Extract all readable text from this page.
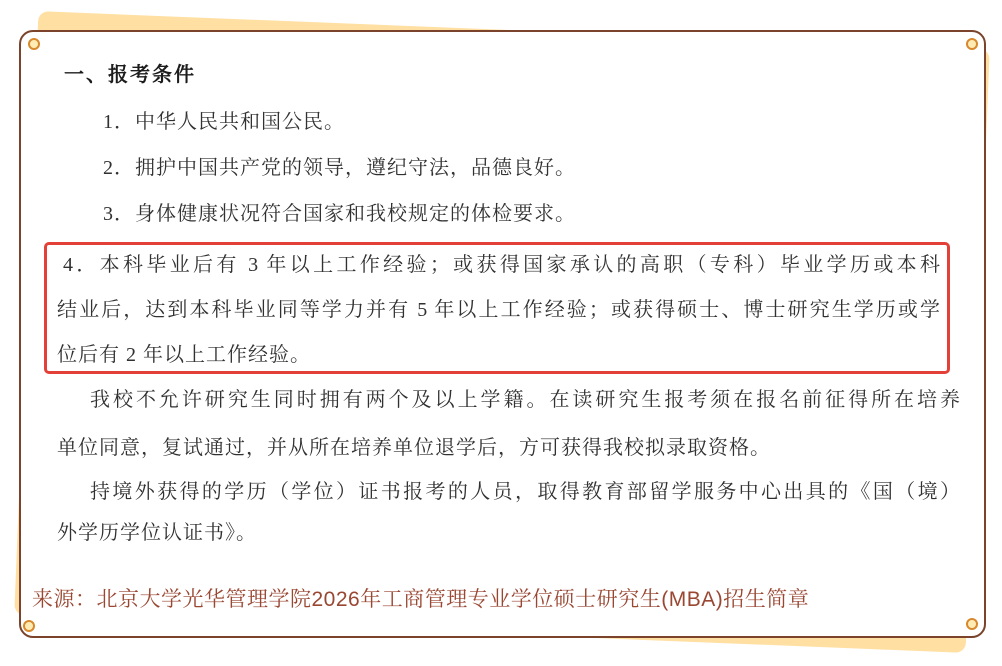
一、报考条件
1．中华人民共和国公民。
2．拥护中国共产党的领导，遵纪守法，品德良好。
3．身体健康状况符合国家和我校规定的体检要求。
4．本科毕业后有 3 年以上工作经验；或获得国家承认的高职（专科）毕业学历或本科
结业后，达到本科毕业同等学力并有 5 年以上工作经验；或获得硕士、博士研究生学历或学
位后有 2 年以上工作经验。
我校不允许研究生同时拥有两个及以上学籍。在读研究生报考须在报名前征得所在培养
单位同意，复试通过，并从所在培养单位退学后，方可获得我校拟录取资格。
持境外获得的学历（学位）证书报考的人员，取得教育部留学服务中心出具的《国（境）
外学历学位认证书》。
来源：北京大学光华管理学院2026年工商管理专业学位硕士研究生(MBA)招生简章
